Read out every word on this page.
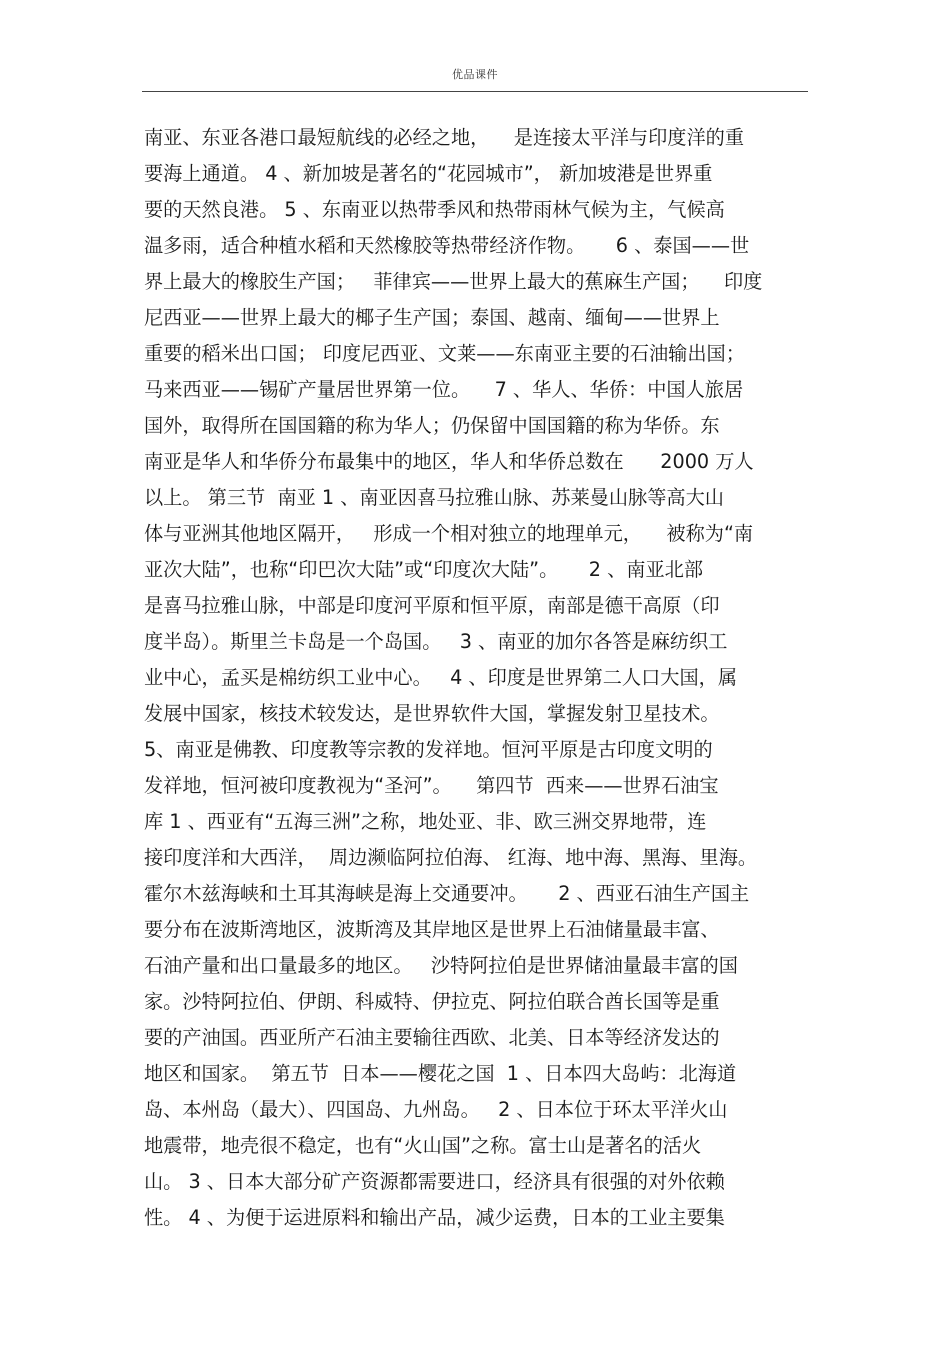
优品课件
南亚、东亚各港口最短航线的必经之地，    是连接太平洋与印度洋的重
要海上通道。 4 、新加坡是著名的“花园城市”， 新加坡港是世界重
要的天然良港。 5 、东南亚以热带季风和热带雨林气候为主，气候高
温多雨，适合种植水稻和天然橡胶等热带经济作物。     6 、泰国——世
界上最大的橡胶生产国；   菲律宾——世界上最大的蕉麻生产国；    印度
尼西亚——世界上最大的椰子生产国；泰国、越南、缅甸——世界上
重要的稻米出口国； 印度尼西亚、文莱——东南亚主要的石油输出国；
马来西亚——锡矿产量居世界第一位。    7 、华人、华侨：中国人旅居
国外，取得所在国国籍的称为华人；仍保留中国国籍的称为华侨。东
南亚是华人和华侨分布最集中的地区，华人和华侨总数在      2000 万人
以上。 第三节  南亚 1 、南亚因喜马拉雅山脉、苏莱曼山脉等高大山
体与亚洲其他地区隔开，   形成一个相对独立的地理单元，    被称为“南
亚次大陆”，也称“印巴次大陆”或“印度次大陆”。     2 、南亚北部
是喜马拉雅山脉，中部是印度河平原和恒平原，南部是德干高原（印
度半岛）。斯里兰卡岛是一个岛国。   3 、南亚的加尔各答是麻纺织工
业中心，孟买是棉纺织工业中心。   4 、印度是世界第二人口大国，属
发展中国家，核技术较发达，是世界软件大国，掌握发射卫星技术。
5、南亚是佛教、印度教等宗教的发祥地。恒河平原是古印度文明的
发祥地，恒河被印度教视为“圣河”。    第四节  西来——世界石油宝
库 1 、西亚有“五海三洲”之称，地处亚、非、欧三洲交界地带，连
接印度洋和大西洋，  周边濒临阿拉伯海、 红海、地中海、黑海、里海。
霍尔木兹海峡和土耳其海峡是海上交通要冲。     2 、西亚石油生产国主
要分布在波斯湾地区，波斯湾及其岸地区是世界上石油储量最丰富、
石油产量和出口量最多的地区。   沙特阿拉伯是世界储油量最丰富的国
家。沙特阿拉伯、伊朗、科威特、伊拉克、阿拉伯联合酋长国等是重
要的产油国。西亚所产石油主要输往西欧、北美、日本等经济发达的
地区和国家。  第五节  日本——樱花之国  1 、日本四大岛屿：北海道
岛、本州岛（最大）、四国岛、九州岛。   2 、日本位于环太平洋火山
地震带，地壳很不稳定，也有“火山国”之称。富士山是著名的活火
山。 3 、日本大部分矿产资源都需要进口，经济具有很强的对外依赖
性。 4 、为便于运进原料和输出产品，减少运费，日本的工业主要集
